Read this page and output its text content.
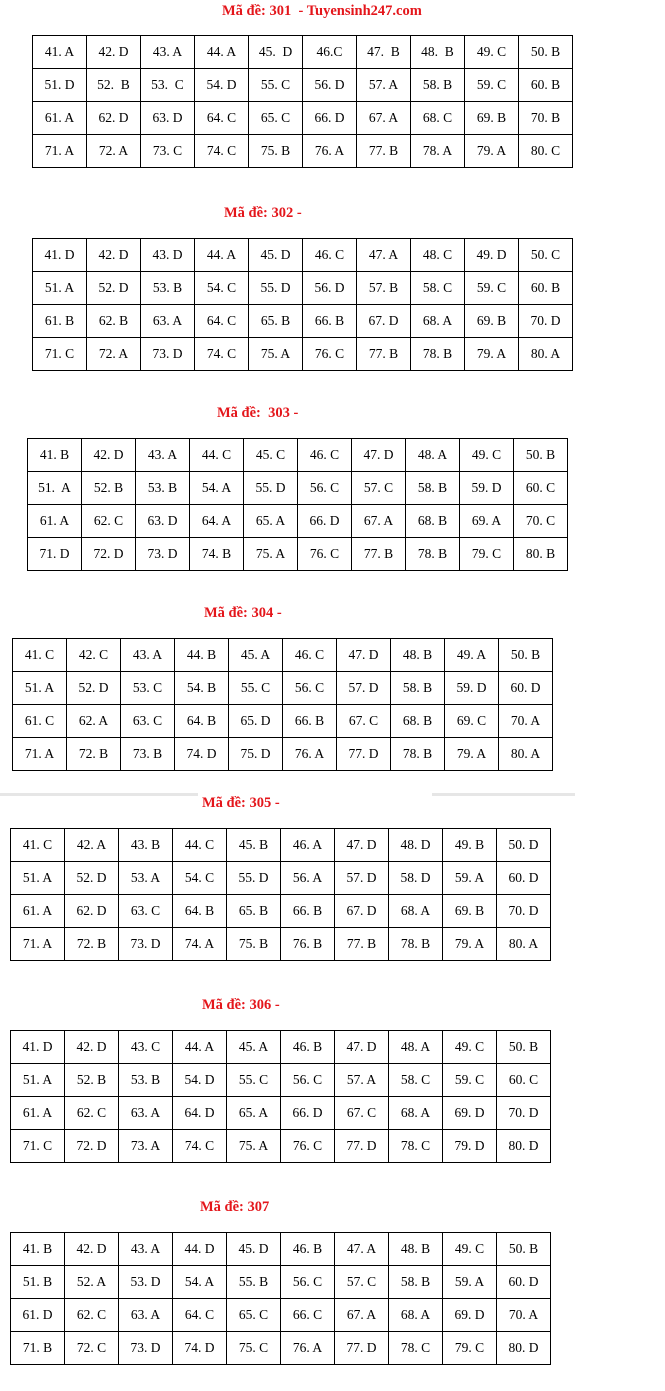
Mã đề: 301  - Tuyensinh247.com
41. A	42. D	43. A	44. A	45.  D	46.C	47.  B	48.  B	49. C	50. B
51. D	52.  B	53.  C	54. D	55. C	56. D	57. A	58. B	59. C	60. B
61. A	62. D	63. D	64. C	65. C	66. D	67. A	68. C	69. B	70. B
71. A	72. A	73. C	74. C	75. B	76. A	77. B	78. A	79. A	80. C
Mã đề: 302 -
41. D	42. D	43. D	44. A	45. D	46. C	47. A	48. C	49. D	50. C
51. A	52. D	53. B	54. C	55. D	56. D	57. B	58. C	59. C	60. B
61. B	62. B	63. A	64. C	65. B	66. B	67. D	68. A	69. B	70. D
71. C	72. A	73. D	74. C	75. A	76. C	77. B	78. B	79. A	80. A
Mã đề:  303 -
41. B	42. D	43. A	44. C	45. C	46. C	47. D	48. A	49. C	50. B
51.  A	52. B	53. B	54. A	55. D	56. C	57. C	58. B	59. D	60. C
61. A	62. C	63. D	64. A	65. A	66. D	67. A	68. B	69. A	70. C
71. D	72. D	73. D	74. B	75. A	76. C	77. B	78. B	79. C	80. B
Mã đề: 304 -
41. C	42. C	43. A	44. B	45. A	46. C	47. D	48. B	49. A	50. B
51. A	52. D	53. C	54. B	55. C	56. C	57. D	58. B	59. D	60. D
61. C	62. A	63. C	64. B	65. D	66. B	67. C	68. B	69. C	70. A
71. A	72. B	73. B	74. D	75. D	76. A	77. D	78. B	79. A	80. A
Mã đề: 305 -
41. C	42. A	43. B	44. C	45. B	46. A	47. D	48. D	49. B	50. D
51. A	52. D	53. A	54. C	55. D	56. A	57. D	58. D	59. A	60. D
61. A	62. D	63. C	64. B	65. B	66. B	67. D	68. A	69. B	70. D
71. A	72. B	73. D	74. A	75. B	76. B	77. B	78. B	79. A	80. A
Mã đề: 306 -
41. D	42. D	43. C	44. A	45. A	46. B	47. D	48. A	49. C	50. B
51. A	52. B	53. B	54. D	55. C	56. C	57. A	58. C	59. C	60. C
61. A	62. C	63. A	64. D	65. A	66. D	67. C	68. A	69. D	70. D
71. C	72. D	73. A	74. C	75. A	76. C	77. D	78. C	79. D	80. D
Mã đề: 307
41. B	42. D	43. A	44. D	45. D	46. B	47. A	48. B	49. C	50. B
51. B	52. A	53. D	54. A	55. B	56. C	57. C	58. B	59. A	60. D
61. D	62. C	63. A	64. C	65. C	66. C	67. A	68. A	69. D	70. A
71. B	72. C	73. D	74. D	75. C	76. A	77. D	78. C	79. C	80. D
